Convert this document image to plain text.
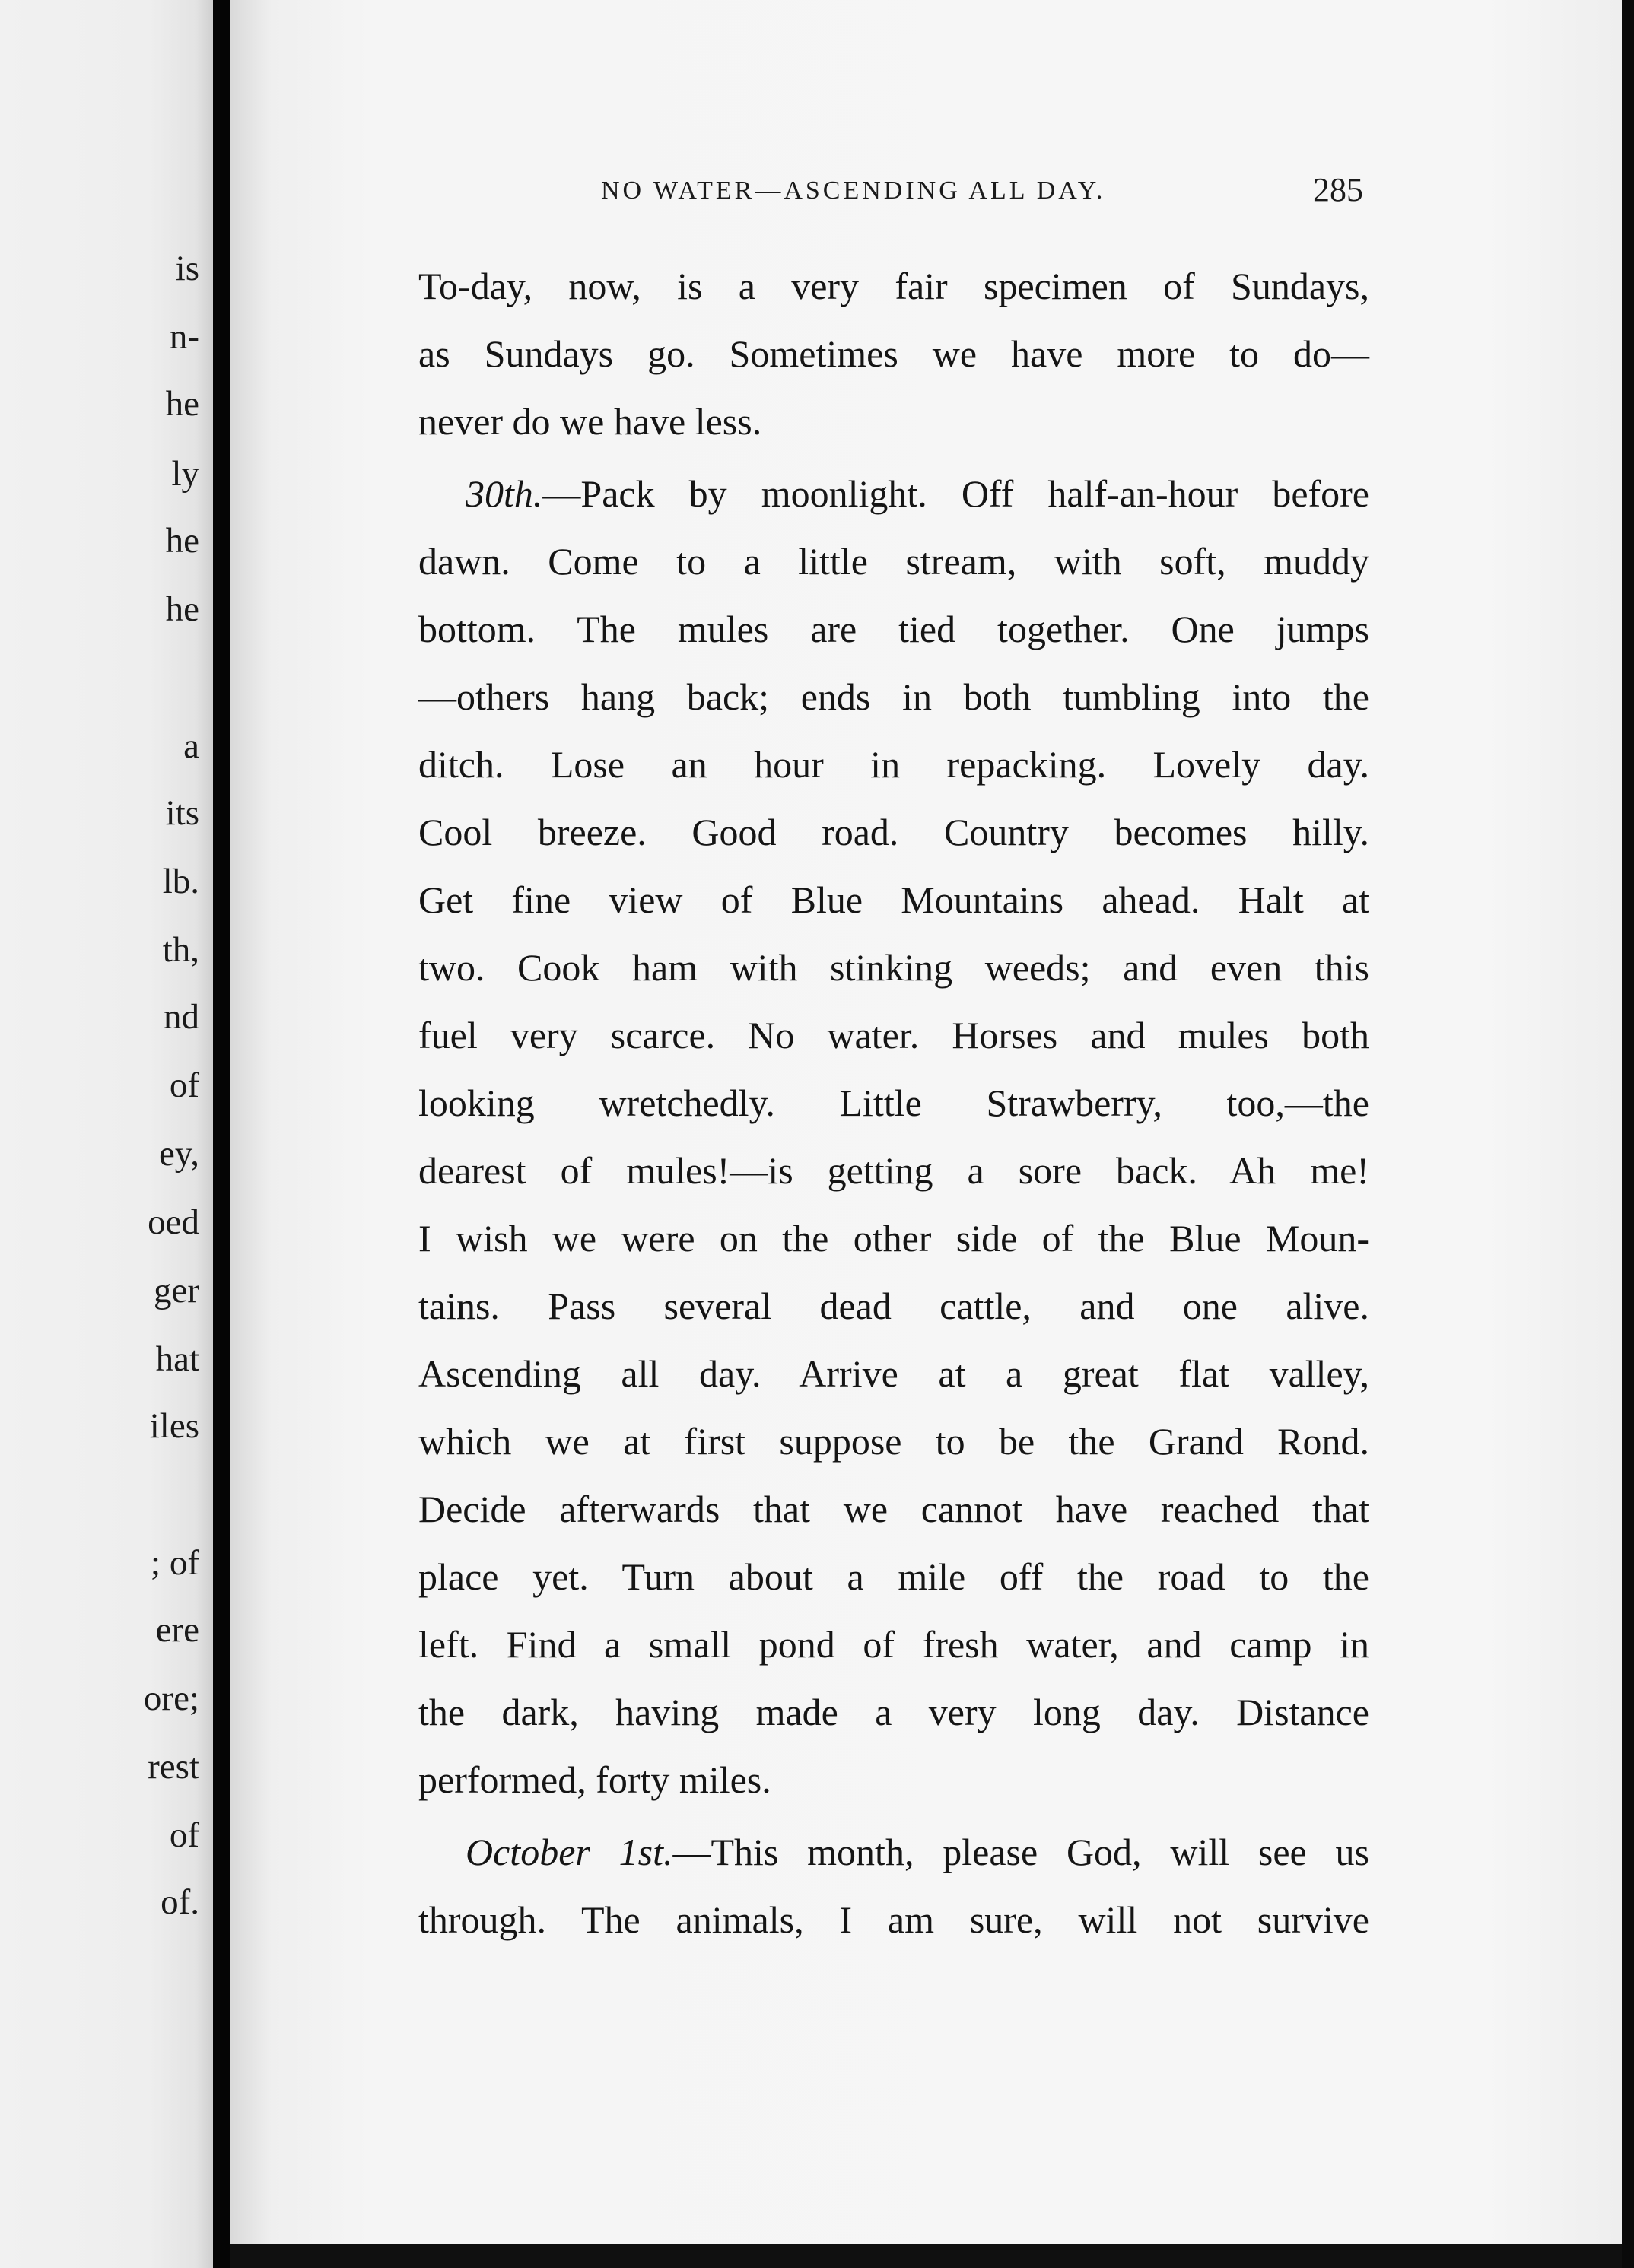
is

n-

he

ly

he

he

a

its

lb.

th,

nd

of

ey,

oed

ger

hat

iles

; of

ere

ore;

rest

of

of.

NO WATER—ASCENDING ALL DAY.	285

To-day, now, is a very fair specimen of Sundays,

as Sundays go. Sometimes we have more to do—

never do we have less.

30th.—Pack by moonlight. Off half-an-hour before

dawn. Come to a little stream, with soft, muddy

bottom. The mules are tied together. One jumps

—others hang back; ends in both tumbling into the

ditch. Lose an hour in repacking. Lovely day.

Cool breeze. Good road. Country becomes hilly.

Get fine view of Blue Mountains ahead. Halt at

two. Cook ham with stinking weeds; and even this

fuel very scarce. No water. Horses and mules both

looking wretchedly. Little Strawberry, too,—the

dearest of mules!—is getting a sore back. Ah me!

I wish we were on the other side of the Blue Moun-

tains. Pass several dead cattle, and one alive.

Ascending all day. Arrive at a great flat valley,

which we at first suppose to be the Grand Rond.

Decide afterwards that we cannot have reached that

place yet. Turn about a mile off the road to the

left. Find a small pond of fresh water, and camp in

the dark, having made a very long day. Distance

performed, forty miles.

October 1st.—This month, please God, will see us

through. The animals, I am sure, will not survive
